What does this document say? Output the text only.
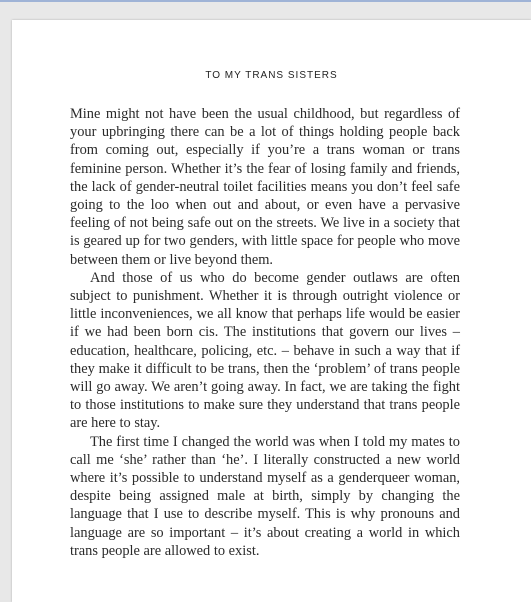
TO MY TRANS SISTERS

Mine might not have been the usual childhood, but regardless of your upbringing there can be a lot of things holding people back from coming out, especially if you’re a trans woman or trans feminine person. Whether it’s the fear of losing family and friends, the lack of gender-neutral toilet facilities means you don’t feel safe going to the loo when out and about, or even have a pervasive feeling of not being safe out on the streets. We live in a society that is geared up for two genders, with little space for people who move between them or live beyond them.

And those of us who do become gender outlaws are often subject to punishment. Whether it is through outright violence or little inconveniences, we all know that perhaps life would be easier if we had been born cis. The institutions that govern our lives – education, healthcare, policing, etc. – behave in such a way that if they make it difficult to be trans, then the ‘problem’ of trans people will go away. We aren’t going away. In fact, we are taking the fight to those institutions to make sure they understand that trans people are here to stay.

The first time I changed the world was when I told my mates to call me ‘she’ rather than ‘he’. I literally constructed a new world where it’s possible to understand myself as a genderqueer woman, despite being assigned male at birth, simply by changing the language that I use to describe myself. This is why pronouns and language are so important – it’s about creating a world in which trans people are allowed to exist.
